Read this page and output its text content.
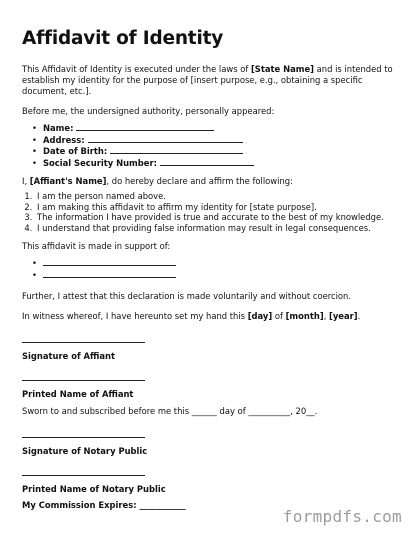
Affidavit of Identity

This Affidavit of Identity is executed under the laws of [State Name] and is intended to establish my identity for the purpose of [insert purpose, e.g., obtaining a specific document, etc.].

Before me, the undersigned authority, personally appeared:

• Name:
• Address:
• Date of Birth:
• Social Security Number:

I, [Affiant's Name], do hereby declare and affirm the following:

1. I am the person named above.
2. I am making this affidavit to affirm my identity for [state purpose].
3. The information I have provided is true and accurate to the best of my knowledge.
4. I understand that providing false information may result in legal consequences.

This affidavit is made in support of:

•
•

Further, I attest that this declaration is made voluntarily and without coercion.

In witness whereof, I have hereunto set my hand this [day] of [month], [year].

Signature of Affiant

Printed Name of Affiant

Sworn to and subscribed before me this ______ day of __________, 20__.

Signature of Notary Public

Printed Name of Notary Public

My Commission Expires: ___________

formpdfs.com
